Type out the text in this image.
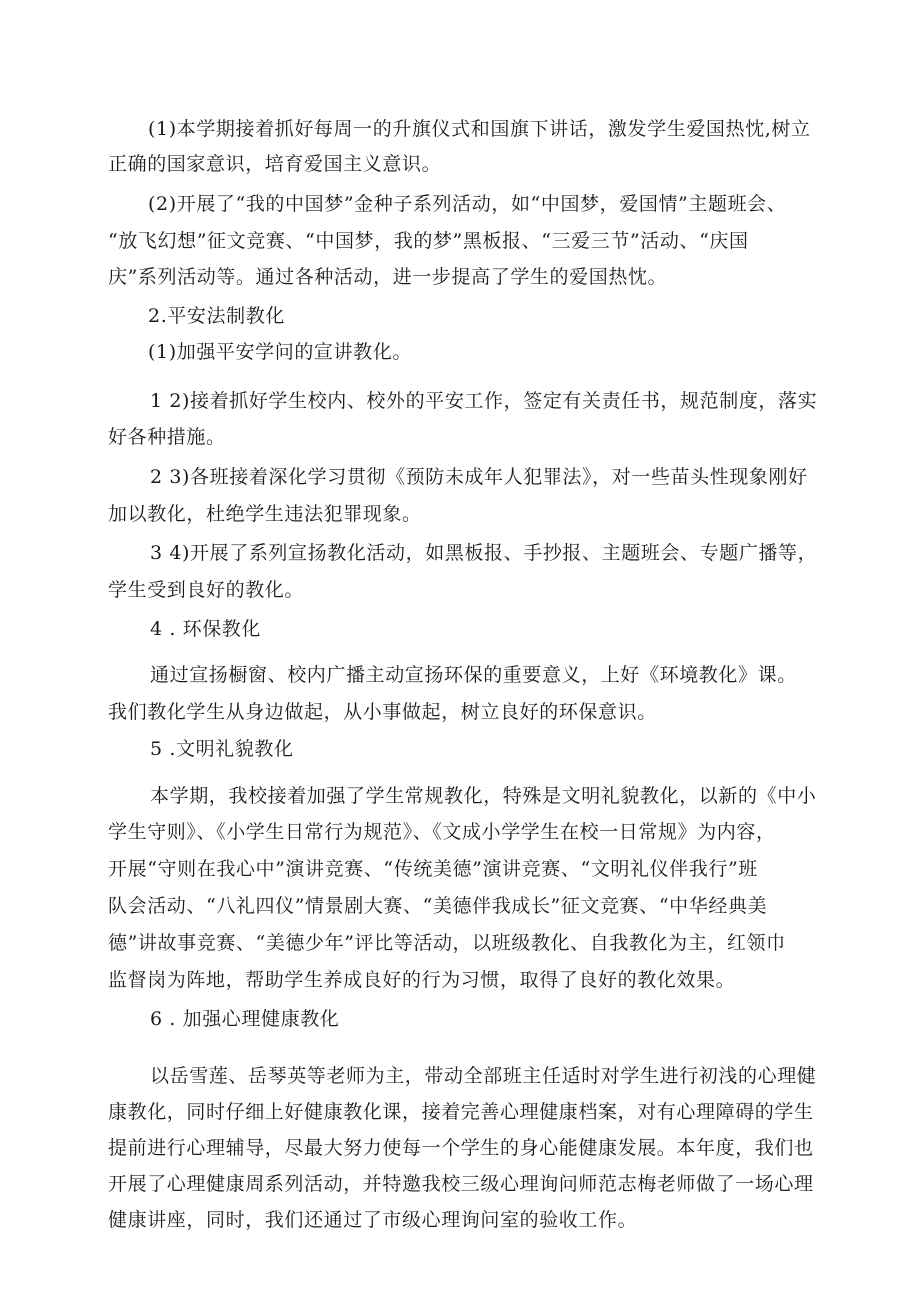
(1)本学期接着抓好每周一的升旗仪式和国旗下讲话，激发学生爱国热忱,树立

正确的国家意识，培育爱国主义意识。

(2)开展了“我的中国梦”金种子系列活动，如“中国梦，爱国情”主题班会、

“放飞幻想”征文竞赛、“中国梦，我的梦”黑板报、“三爱三节”活动、“庆国

庆”系列活动等。通过各种活动，进一步提高了学生的爱国热忱。

2.平安法制教化

(1)加强平安学问的宣讲教化。

1 2)接着抓好学生校内、校外的平安工作，签定有关责任书，规范制度，落实

好各种措施。

2 3)各班接着深化学习贯彻《预防未成年人犯罪法》，对一些苗头性现象刚好

加以教化，杜绝学生违法犯罪现象。

3 4)开展了系列宣扬教化活动，如黑板报、手抄报、主题班会、专题广播等，

学生受到良好的教化。

4 . 环保教化

通过宣扬橱窗、校内广播主动宣扬环保的重要意义，上好《环境教化》课。

我们教化学生从身边做起，从小事做起，树立良好的环保意识。

5 .文明礼貌教化

本学期，我校接着加强了学生常规教化，特殊是文明礼貌教化，以新的《中小

学生守则》、《小学生日常行为规范》、《文成小学学生在校一日常规》为内容，

开展“守则在我心中”演讲竞赛、“传统美德”演讲竞赛、“文明礼仪伴我行”班

队会活动、“八礼四仪”情景剧大赛、“美德伴我成长”征文竞赛、“中华经典美

德”讲故事竞赛、“美德少年”评比等活动，以班级教化、自我教化为主，红领巾

监督岗为阵地，帮助学生养成良好的行为习惯，取得了良好的教化效果。

6 . 加强心理健康教化

以岳雪莲、岳琴英等老师为主，带动全部班主任适时对学生进行初浅的心理健

康教化，同时仔细上好健康教化课，接着完善心理健康档案，对有心理障碍的学生

提前进行心理辅导，尽最大努力使每一个学生的身心能健康发展。本年度，我们也

开展了心理健康周系列活动，并特邀我校三级心理询问师范志梅老师做了一场心理

健康讲座，同时，我们还通过了市级心理询问室的验收工作。
